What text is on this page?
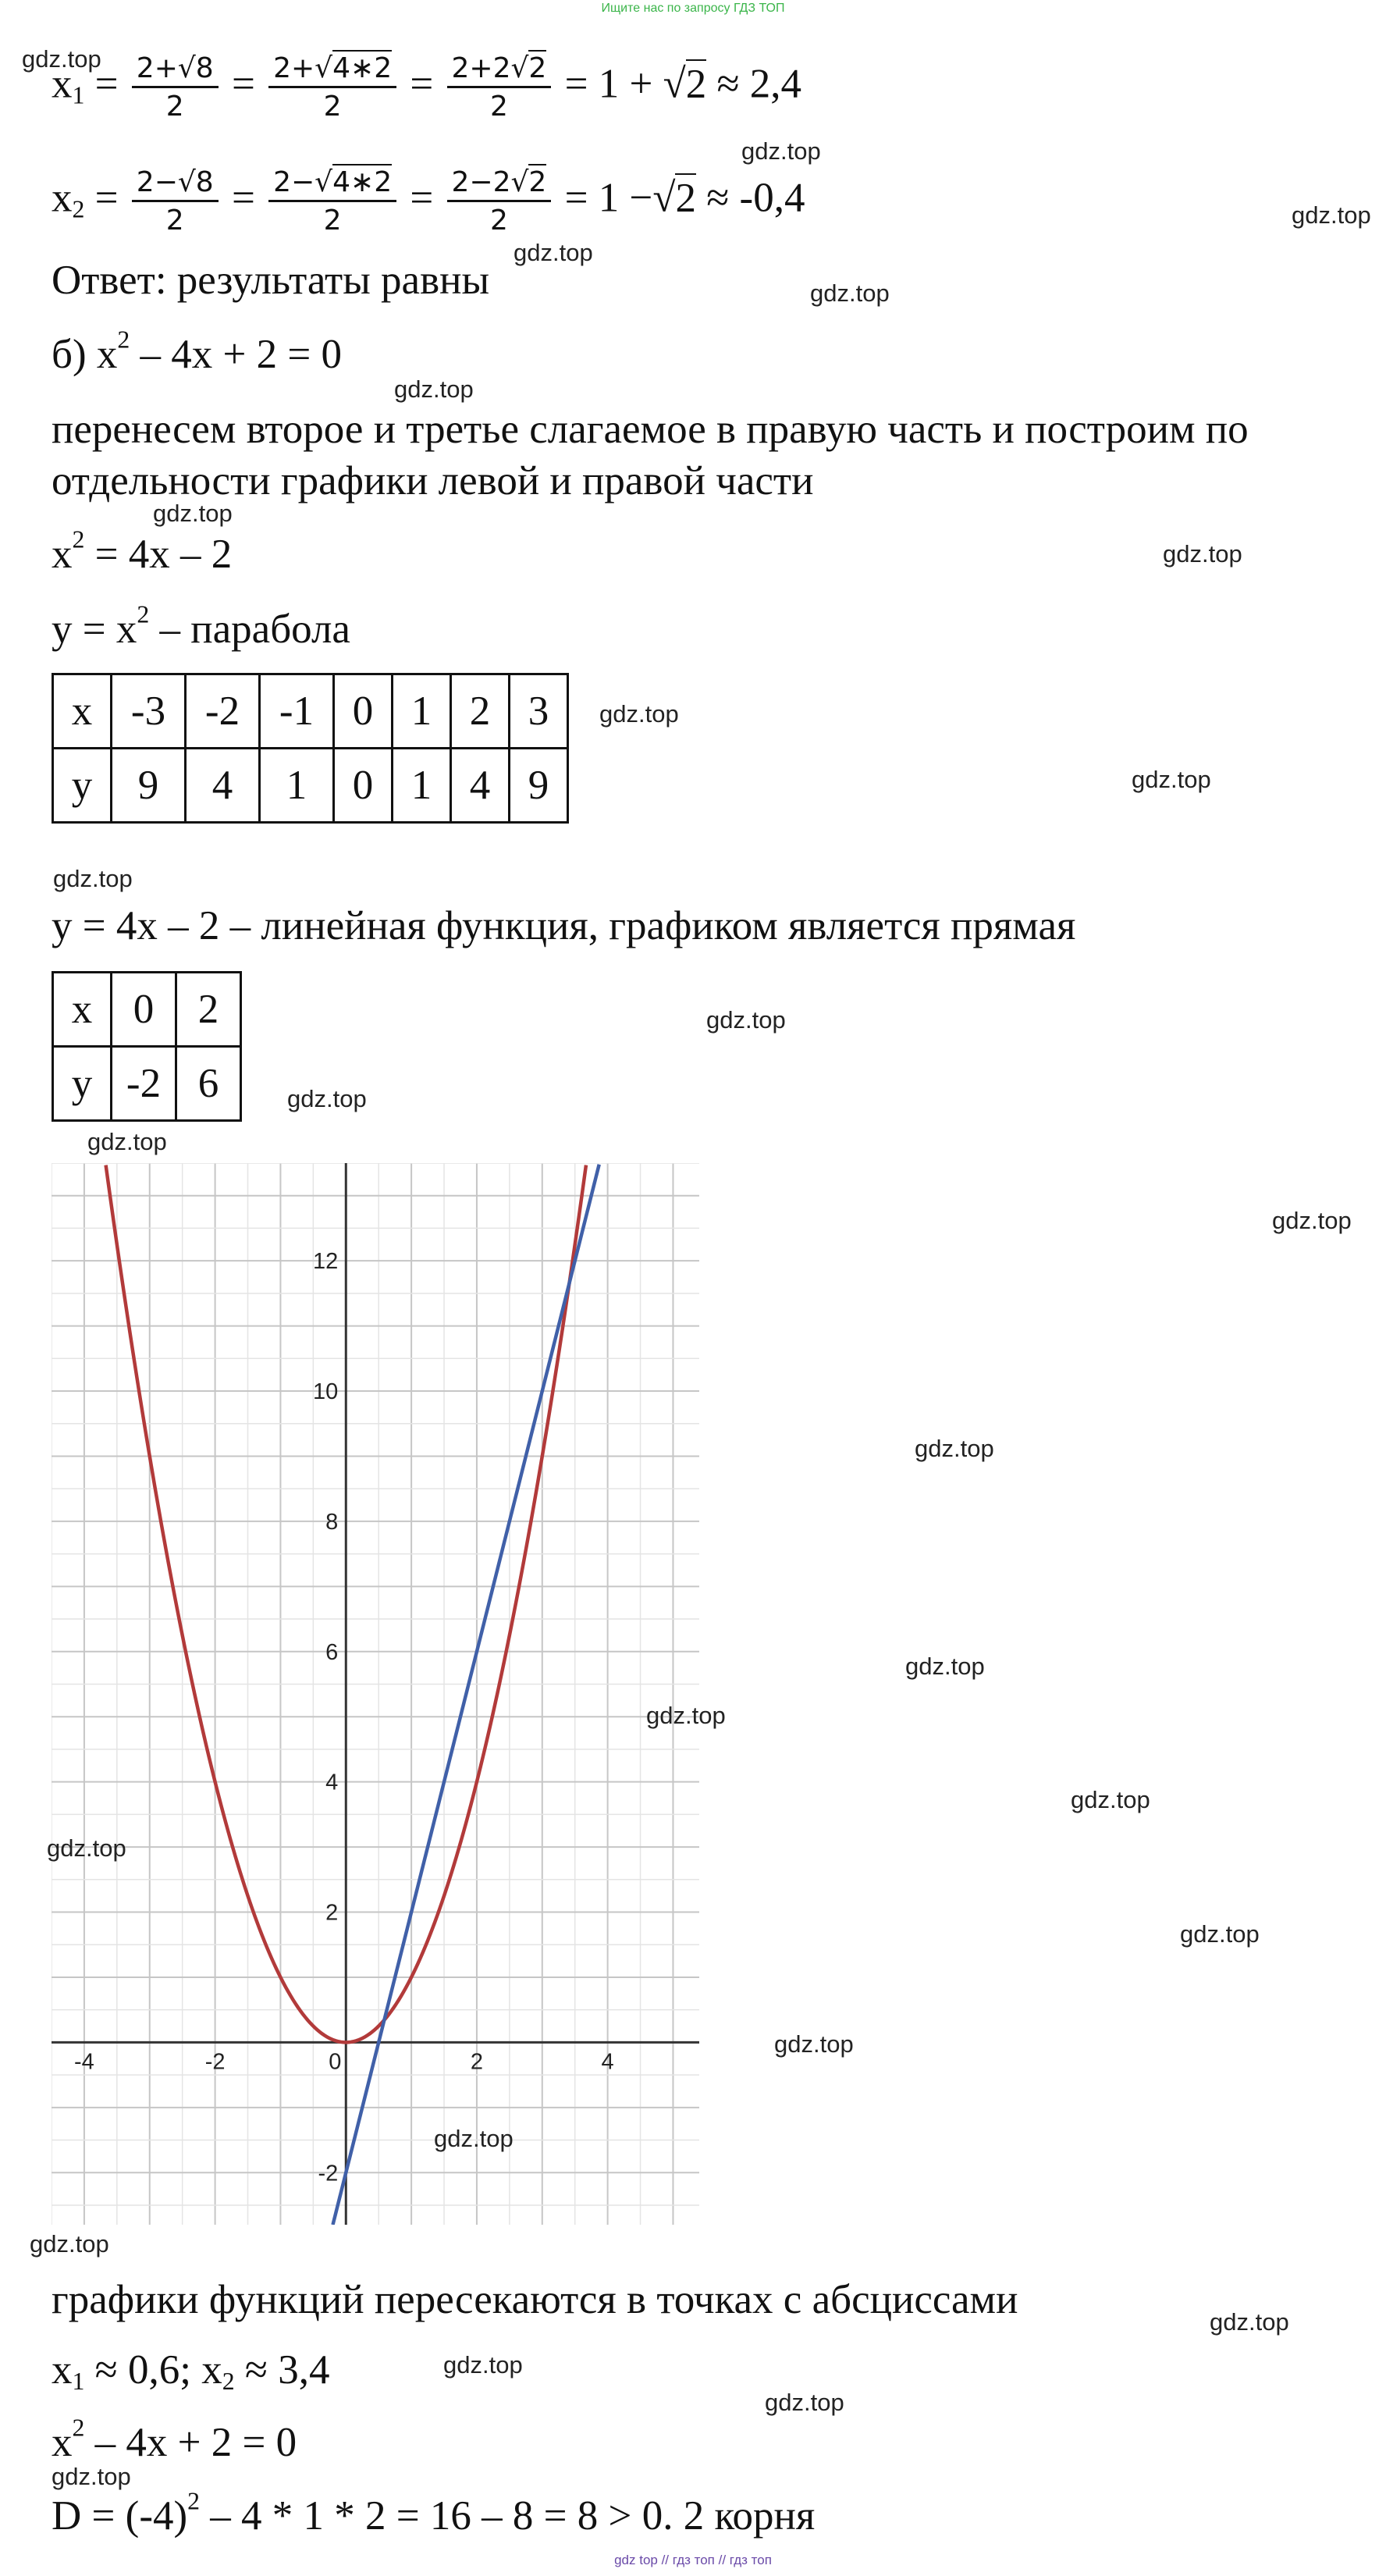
Ищите нас по запросу ГДЗ ТОП
$x_1 = \frac{2+√8}{2} = \frac{2+√4∗2}{2} = \frac{2+2√2}{2} = 1 + √2 \approx 2,4$
$x_2 = \frac{2-√8}{2} = \frac{2-√4∗2}{2} = \frac{2-2√2}{2} = 1 -√2 \approx -0,4$
Ответ: результаты равны
б) $x^2 - 4x + 2 = 0$
перенесем второе и третье слагаемое в правую часть и построим по
отдельности графики левой и правой части
$x^2 = 4x - 2$
$y = x^2$ – парабола
x	-3	-2	-1	0	1	2	3
y	9	4	1	0	1	4	9
y = 4x – 2 – линейная функция, графиком является прямая
x	0	2
y	-2	6
-4	-2	0	2	4
-2
2
4
6
8
10
12
графики функций пересекаются в точках с абсциссами
$x_1 \approx 0,6$; $x_2 \approx 3,4$
$x^2 - 4x + 2 = 0$
$D = (-4)^2 - 4 * 1 * 2 = 16 - 8 = 8 > 0$. 2 корня
gdz.top
gdz.top
gdz.top
gdz.top
gdz.top
gdz.top
gdz.top
gdz.top
gdz.top
gdz.top
gdz.top
gdz.top
gdz.top
gdz.top
gdz.top
gdz.top
gdz.top
gdz.top
gdz.top
gdz.top
gdz.top
gdz.top
gdz.top
gdz.top
gdz.top
gdz.top
gdz.top
gdz.top
gdz top // гдз топ // гдз топ
